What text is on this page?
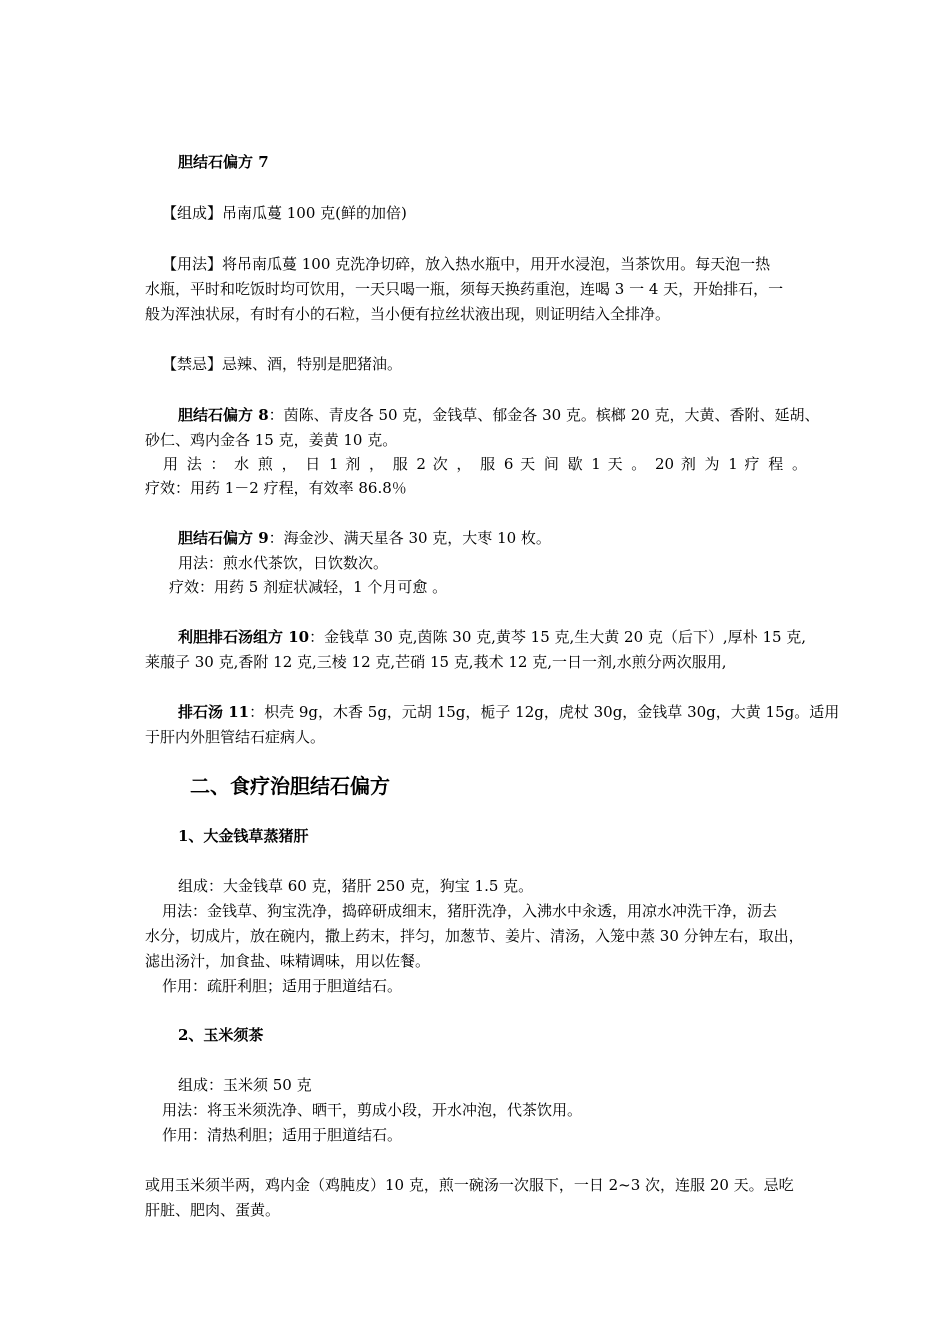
胆结石偏方 7
【组成】吊南瓜蔓 100 克(鲜的加倍)
【用法】将吊南瓜蔓 100 克洗净切碎，放入热水瓶中，用开水浸泡，当茶饮用。每天泡一热
水瓶，平时和吃饭时均可饮用，一天只喝一瓶，须每天换药重泡，连喝 3 一 4 天，开始排石，一
般为浑浊状尿，有时有小的石粒，当小便有拉丝状液出现，则证明结入全排净。
【禁忌】忌辣、酒，特别是肥猪油。
胆结石偏方 8：茵陈、青皮各 50 克，金钱草、郁金各 30 克。槟榔 20 克，大黄、香附、延胡、
砂仁、鸡内金各 15 克，姜黄 10 克。
用 法 ： 水 煎 ， 日 1 剂 ， 服 2 次 ， 服 6 天 间 歇 1 天 。 20 剂 为 1 疗 程 。
疗效：用药 1－2 疗程，有效率 86.8％
胆结石偏方 9：海金沙、满天星各 30 克，大枣 10 枚。
用法：煎水代茶饮，日饮数次。
疗效：用药 5 剂症状减轻，1 个月可愈 。
利胆排石汤组方 10：金钱草 30 克,茵陈 30 克,黄芩 15 克,生大黄 20 克（后下）,厚朴 15 克,
莱菔子 30 克,香附 12 克,三棱 12 克,芒硝 15 克,莪术 12 克,一日一剂,水煎分两次服用,
排石汤 11：枳壳 9g，木香 5g，元胡 15g，栀子 12g，虎杖 30g，金钱草 30g，大黄 15g。适用
于肝内外胆管结石症病人。
二、食疗治胆结石偏方
1、大金钱草蒸猪肝
组成：大金钱草 60 克，猪肝 250 克，狗宝 1.5 克。
用法：金钱草、狗宝洗净，捣碎研成细末，猪肝洗净，入沸水中汆透，用凉水冲洗干净，沥去
水分，切成片，放在碗内，撒上药末，拌匀，加葱节、姜片、清汤，入笼中蒸 30 分钟左右，取出，
滤出汤汁，加食盐、味精调味，用以佐餐。
作用：疏肝利胆；适用于胆道结石。
2、玉米须茶
组成：玉米须 50 克
用法：将玉米须洗净、晒干，剪成小段，开水冲泡，代茶饮用。
作用：清热利胆；适用于胆道结石。
或用玉米须半两，鸡内金（鸡肫皮）10 克，煎一碗汤一次服下，一日 2~3 次，连服 20 天。忌吃
肝脏、肥肉、蛋黄。
